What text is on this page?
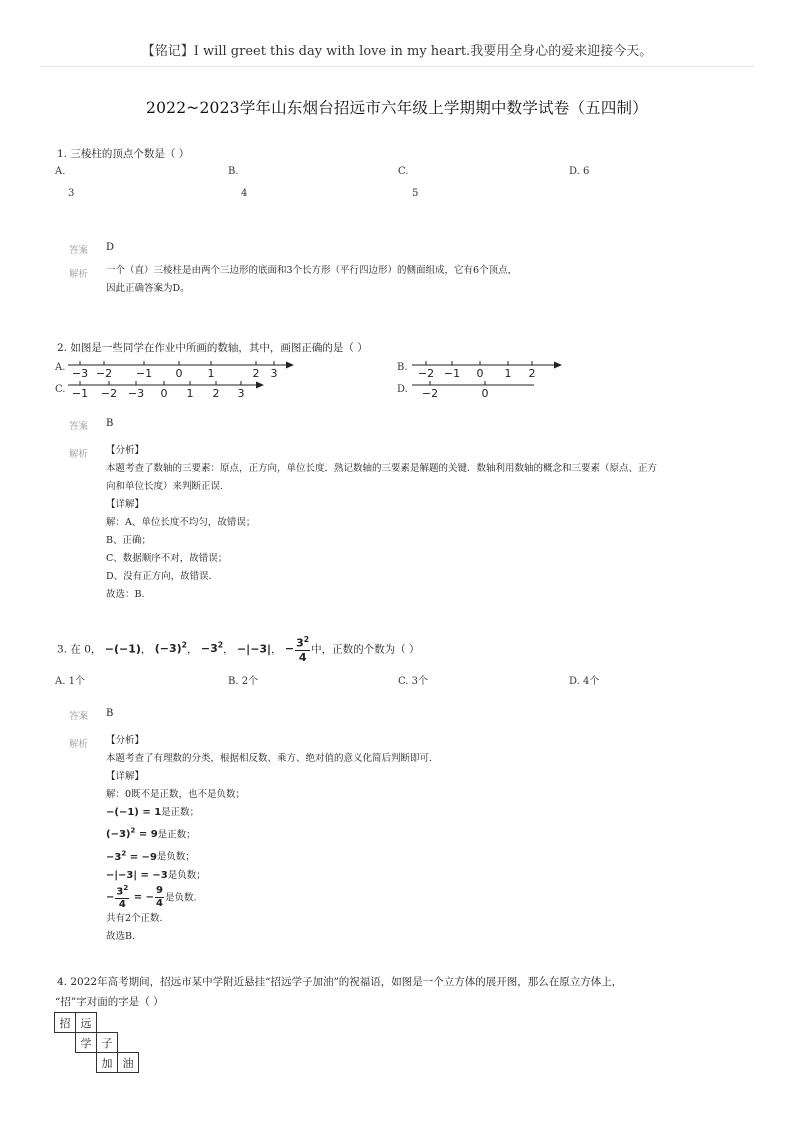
【铭记】I will greet this day with love in my heart.我要用全身心的爱来迎接今天。
2022~2023学年山东烟台招远市六年级上学期期中数学试卷（五四制）
1. 三棱柱的顶点个数是（ ）
A.
3
B.
4
C.
5
D. 6
答案 D
解析 一个（直）三棱柱是由两个三边形的底面和3个长方形（平行四边形）的侧面组成，它有6个顶点，
因此正确答案为D。
2. 如图是一些同学在作业中所画的数轴，其中，画图正确的是（ ）
A. −3 −2 −1 0 1	2 3
C. −1 −2 −3 0 1 2 3
B. −2 −1 0 1 2
D. −2	0
答案 B
解析 【分析】
本题考查了数轴的三要素：原点，正方向，单位长度．熟记数轴的三要素是解题的关键．数轴利用数轴的概念和三要素（原点、正方
向和单位长度）来判断正误.
【详解】
解：A、单位长度不均匀，故错误；
B、正确；
C、数据顺序不对，故错误；
D、没有正方向，故错误．
故选：B.
3. 在 0， −(−1)， $(-3)^2$， $-3^2$， −|−3|， − $\frac{3^2}{4}$ 中，正数的个数为（ ）
A. 1个	B. 2个	C. 3个	D. 4个
答案 B
解析 【分析】
本题考查了有理数的分类，根据相反数、乘方、绝对值的意义化简后判断即可.
【详解】
解：0既不是正数，也不是负数；
−(−1) = 1是正数；
$(-3)^2 = 9$是正数；
$-3^2 = -9$是负数；
−|−3| = −3是负数；
− $\frac{3^2}{4}$ = − $\frac{9}{4}$ 是负数.
共有2个正数.
故选B.
4. 2022年高考期间，招远市某中学附近悬挂“招远学子加油”的祝福语，如图是一个立方体的展开图，那么在原立方体上，
“招”字对面的字是（ ）
招	远		
	学	子	
		加	油
